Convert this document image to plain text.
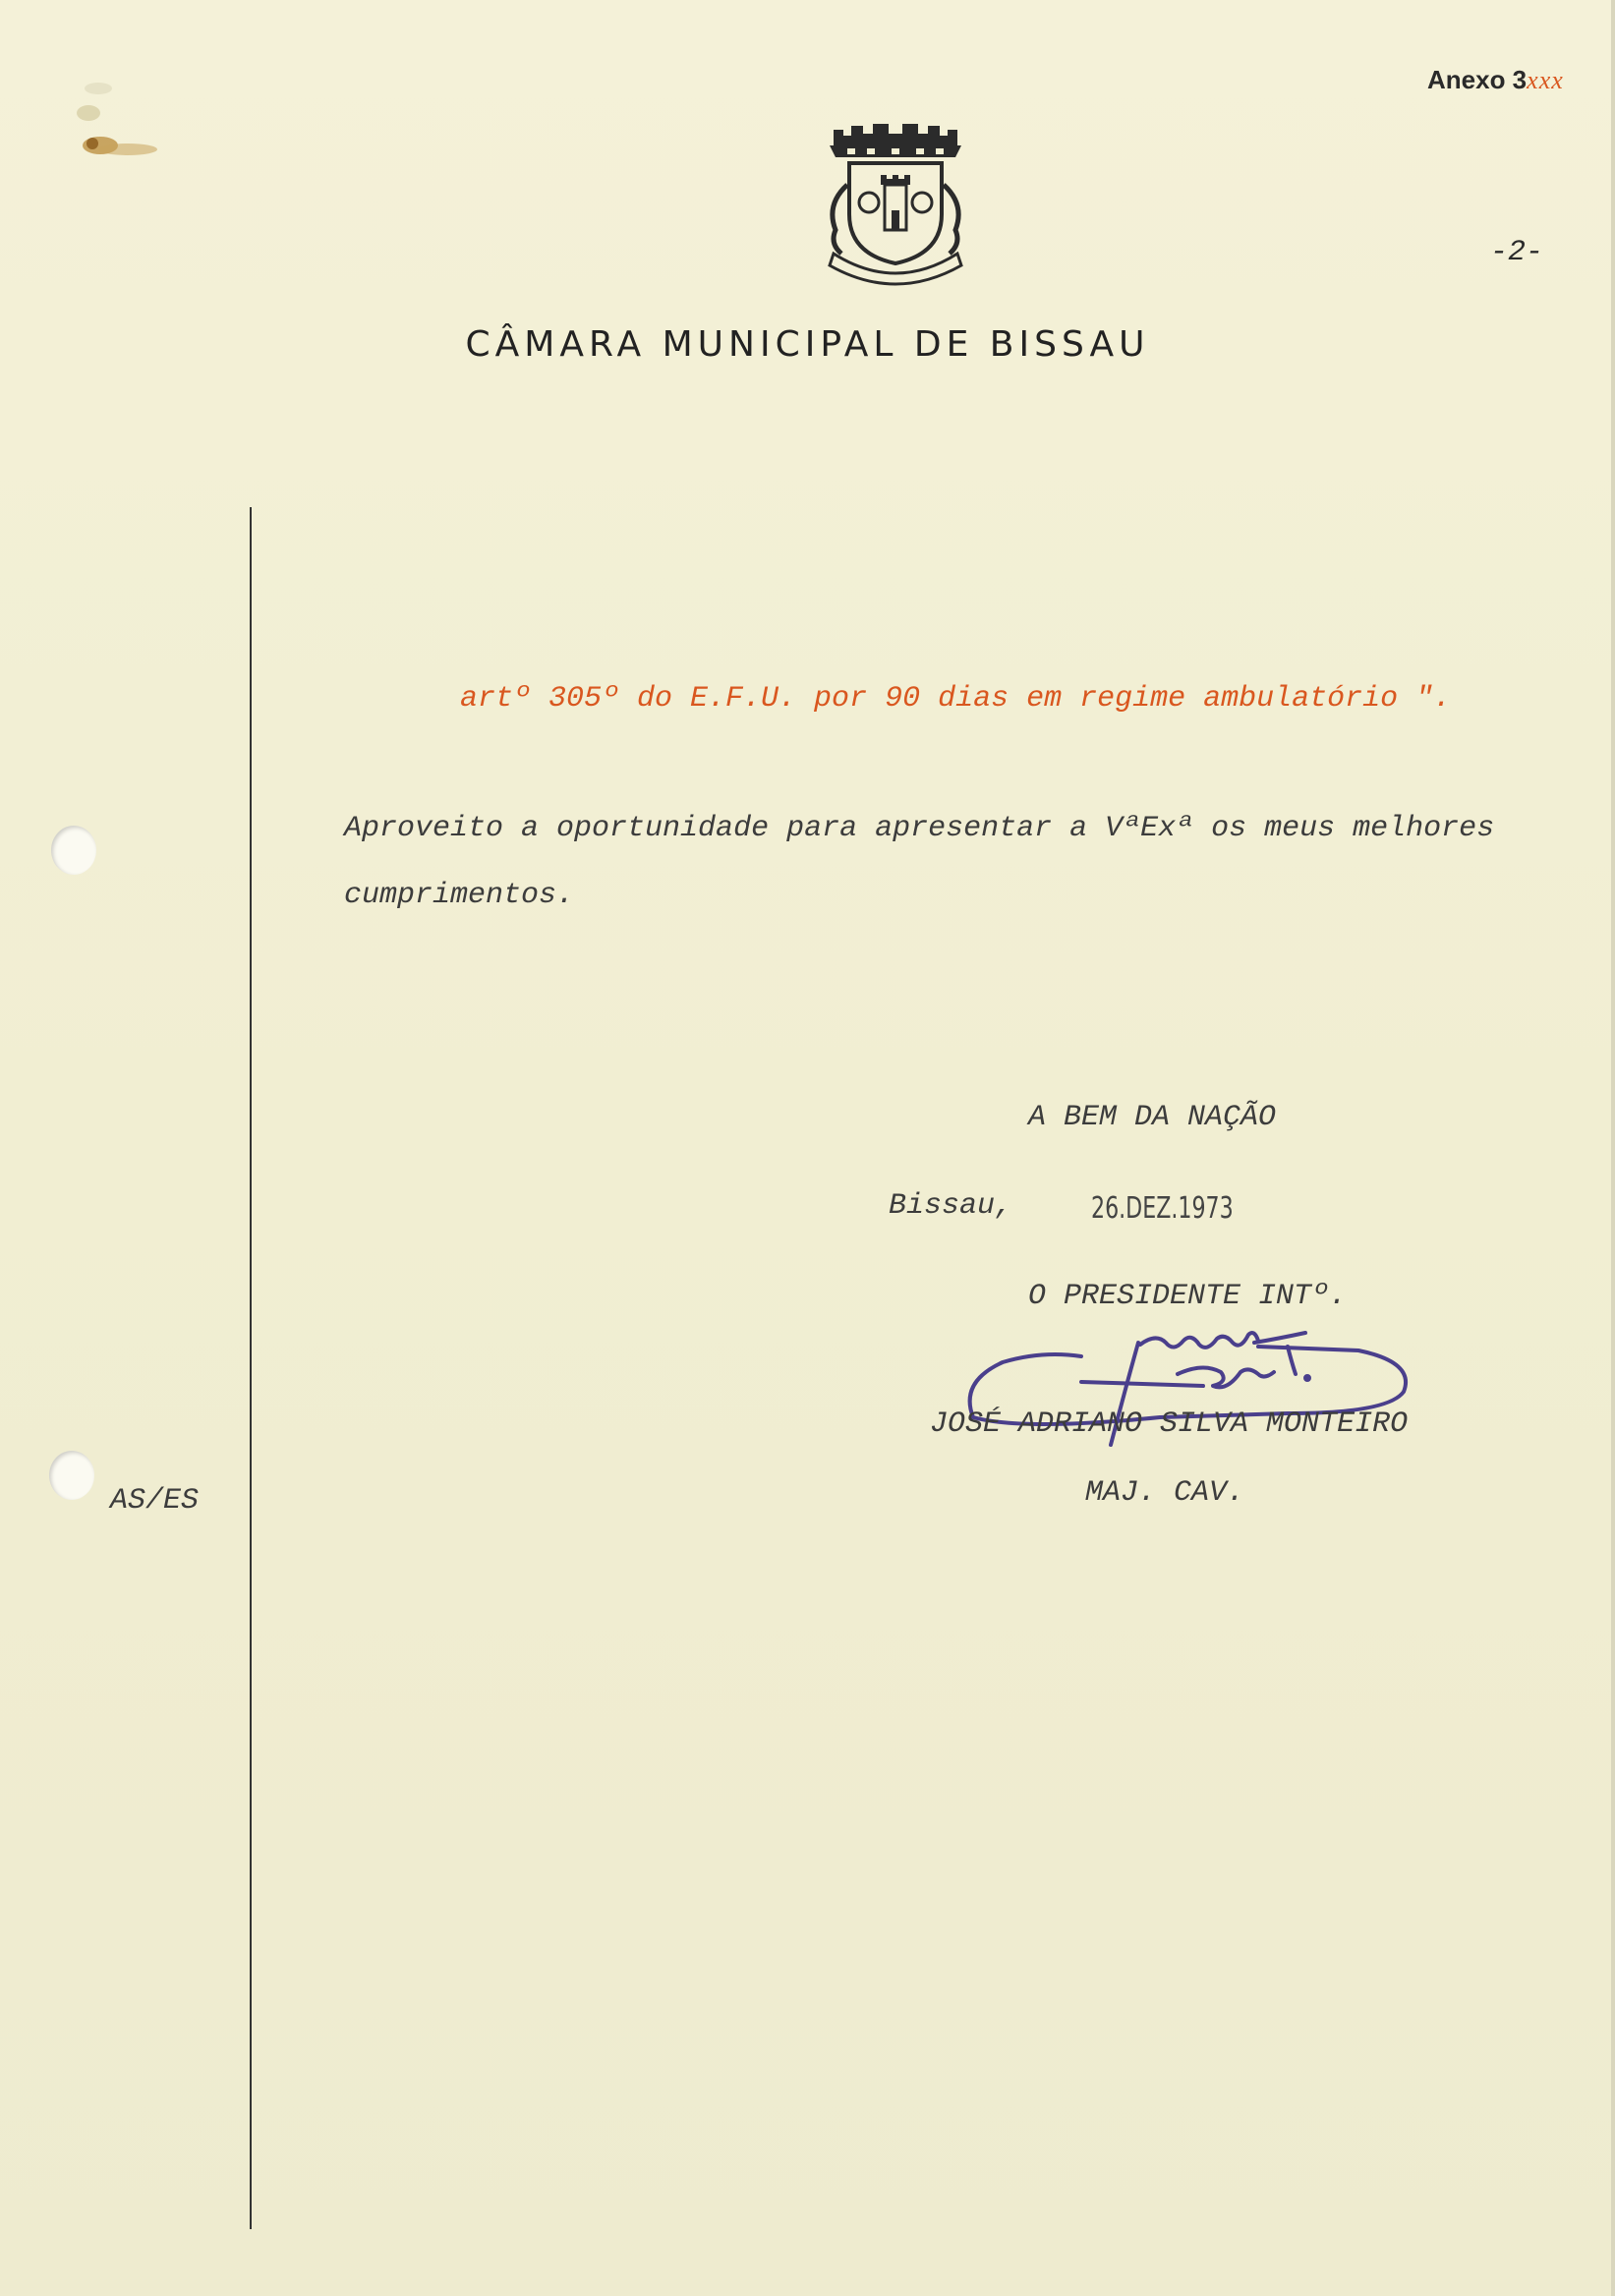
Anexo 3xxx
-2-
CÂMARA MUNICIPAL DE BISSAU
artº 305º do E.F.U. por 90 dias em regime ambulatório ".
Aproveito a oportunidade para apresentar a VªExª os meus melhores
cumprimentos.
A BEM DA NAÇÃO
Bissau,	26.DEZ.1973
O PRESIDENTE INTº.
JOSÉ ADRIANO SILVA MONTEIRO
MAJ. CAV.
AS/ES
